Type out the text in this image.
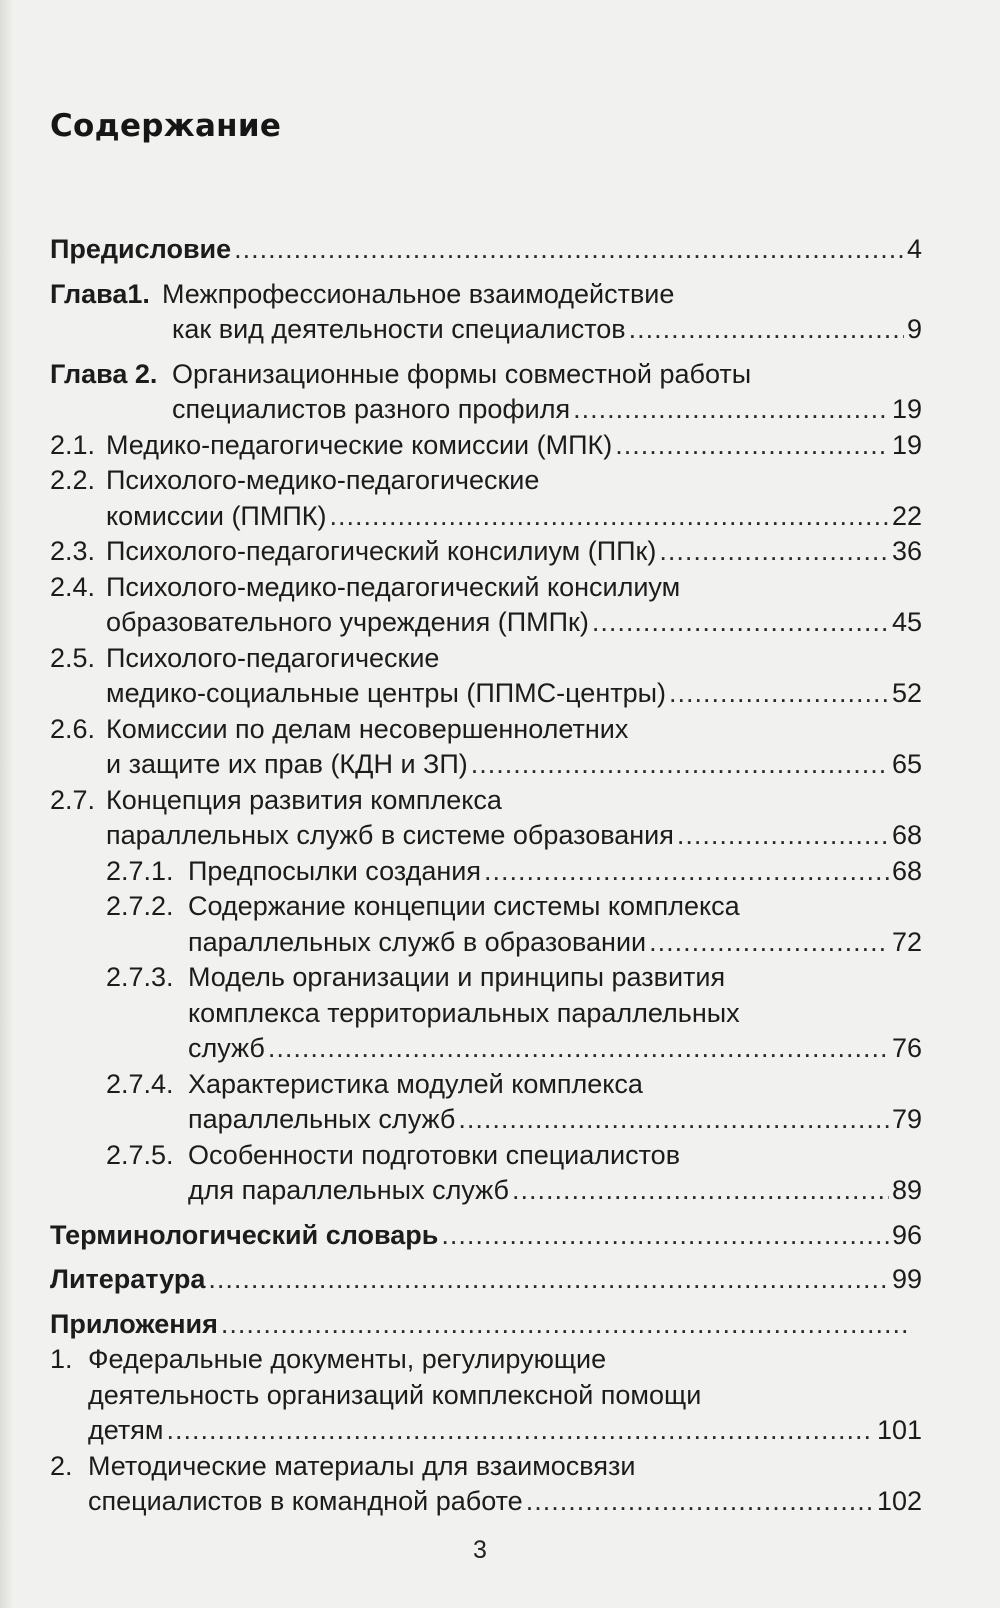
Содержание
Предисловие .....	4
Глава1. Межпрофессиональное взаимодействие
как вид деятельности специалистов .....	9
Глава 2. Организационные формы совместной работы
специалистов разного профиля .....	19
2.1. Медико-педагогические комиссии (МПК) .....	19
2.2. Психолого-медико-педагогические
комиссии (ПМПК) .....	22
2.3. Психолого-педагогический консилиум (ППк) .....	36
2.4. Психолого-медико-педагогический консилиум
образовательного учреждения (ПМПк) .....	45
2.5. Психолого-педагогические
медико-социальные центры (ППМС-центры) .....	52
2.6. Комиссии по делам несовершеннолетних
и защите их прав (КДН и ЗП) .....	65
2.7. Концепция развития комплекса
параллельных служб в системе образования .....	68
2.7.1. Предпосылки создания .....	68
2.7.2. Содержание концепции системы комплекса
параллельных служб в образовании .....	72
2.7.3. Модель организации и принципы развития
комплекса территориальных параллельных
служб .....	76
2.7.4. Характеристика модулей комплекса
параллельных служб .....	79
2.7.5. Особенности подготовки специалистов
для параллельных служб .....	89
Терминологический словарь .....	96
Литература .....	99
Приложения
.....
1. Федеральные документы, регулирующие
деятельность организаций комплексной помощи
детям .....	101
2. Методические материалы для взаимосвязи
специалистов в командной работе .....	102
3
